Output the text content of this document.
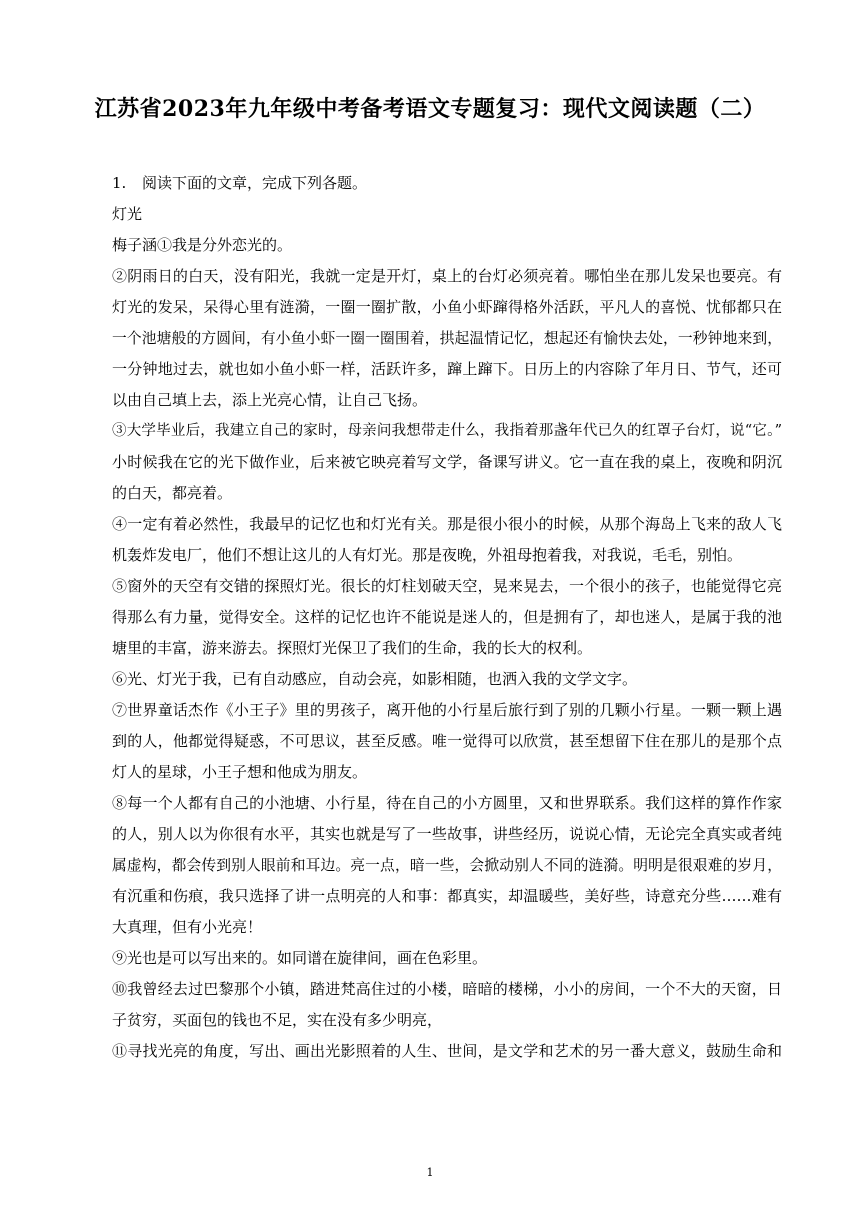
江苏省2023年九年级中考备考语文专题复习：现代文阅读题（二）
1. 阅读下面的文章，完成下列各题。
灯光
梅子涵①我是分外恋光的。
②阴雨日的白天，没有阳光，我就一定是开灯，桌上的台灯必须亮着。哪怕坐在那儿发呆也要亮。有
灯光的发呆，呆得心里有涟漪，一圈一圈扩散，小鱼小虾蹿得格外活跃，平凡人的喜悦、忧郁都只在
一个池塘般的方圆间，有小鱼小虾一圈一圈围着，拱起温情记忆，想起还有愉快去处，一秒钟地来到，
一分钟地过去，就也如小鱼小虾一样，活跃许多，蹿上蹿下。日历上的内容除了年月日、节气，还可
以由自己填上去，添上光亮心情，让自己飞扬。
③大学毕业后，我建立自己的家时，母亲问我想带走什么，我指着那盏年代已久的红罩子台灯，说“它。”
小时候我在它的光下做作业，后来被它映亮着写文学，备课写讲义。它一直在我的桌上，夜晚和阴沉
的白天，都亮着。
④一定有着必然性，我最早的记忆也和灯光有关。那是很小很小的时候，从那个海岛上飞来的敌人飞
机轰炸发电厂，他们不想让这儿的人有灯光。那是夜晚，外祖母抱着我，对我说，毛毛，别怕。
⑤窗外的天空有交错的探照灯光。很长的灯柱划破天空，晃来晃去，一个很小的孩子，也能觉得它亮
得那么有力量，觉得安全。这样的记忆也许不能说是迷人的，但是拥有了，却也迷人，是属于我的池
塘里的丰富，游来游去。探照灯光保卫了我们的生命，我的长大的权利。
⑥光、灯光于我，已有自动感应，自动会亮，如影相随，也洒入我的文学文字。
⑦世界童话杰作《小王子》里的男孩子，离开他的小行星后旅行到了别的几颗小行星。一颗一颗上遇
到的人，他都觉得疑惑，不可思议，甚至反感。唯一觉得可以欣赏，甚至想留下住在那儿的是那个点
灯人的星球，小王子想和他成为朋友。
⑧每一个人都有自己的小池塘、小行星，待在自己的小方圆里，又和世界联系。我们这样的算作作家
的人，别人以为你很有水平，其实也就是写了一些故事，讲些经历，说说心情，无论完全真实或者纯
属虚构，都会传到别人眼前和耳边。亮一点，暗一些，会掀动别人不同的涟漪。明明是很艰难的岁月，
有沉重和伤痕，我只选择了讲一点明亮的人和事：都真实，却温暖些，美好些，诗意充分些……难有
大真理，但有小光亮！
⑨光也是可以写出来的。如同谱在旋律间，画在色彩里。
⑩我曾经去过巴黎那个小镇，踏进梵高住过的小楼，暗暗的楼梯，小小的房间，一个不大的天窗，日
子贫穷，买面包的钱也不足，实在没有多少明亮，
⑪寻找光亮的角度，写出、画出光影照着的人生、世间，是文学和艺术的另一番大意义，鼓励生命和
1
